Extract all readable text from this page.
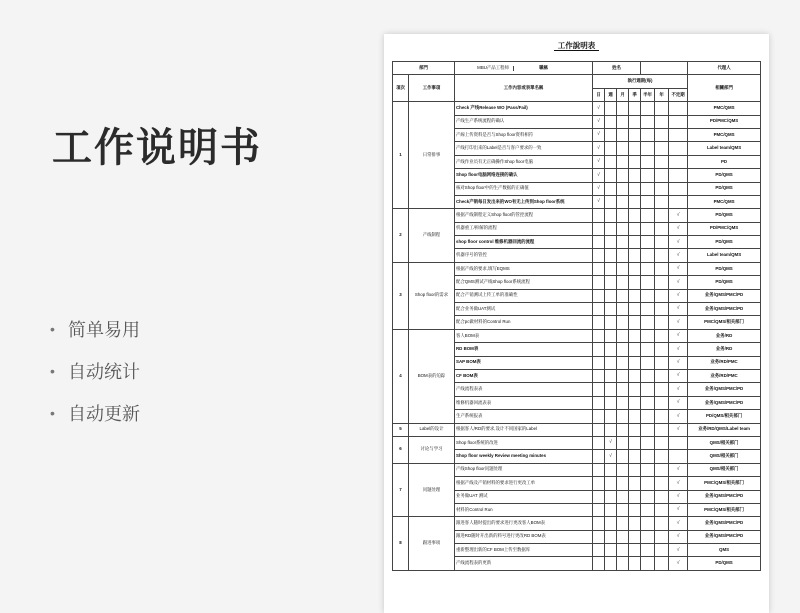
工作说明书
• 简单易用
• 自动统计
• 自动更新
工作說明表
部門		MBU产品工程师 職稱	姓名							代理人
項次	工作事項	工作內容或表單名稱	執行週期(每)							相關部門
			日	週	月	季	半年	年	不定期	
1	日常排事	Check 产线Release WO (Pass/Fail)	√							PMC/QMS
		产线生产系统流程的确认	√							PD/PMC/QMS
		产線上传资料是否与Shop floor资料相符	√							PMC/QMS
		产线打印出来的Label是否与客户要求的一致	√							Label team/QMS
		产线作业员有无正确操作Shop floor电脑	√							PD
		Shop floor电脑网络连接的确认	√							PD/QMS
		核对Shop floor中的生产数据的正确值	√							PD/QMS
		Check产销每日发出来的WO有无上传到Shop floor系统	√							PMC/QMS
2	产线制程	根据产线制程定义Shop floor的管控流程							√	PD/QMS
		机器重工/拆解的流程							√	PD/PMC/QMS
		shop floor control 维修机器回流的流程							√	PD/QMS
		机器序号的管控							√	Label team/QMS
3	Shop floor的需求	根据产线的要求,填写EQMS							√	PD/QMS
		配合QMS测试产线Shop floor系统流程							√	PD/QMS
		配合产销测试上传工单的准确性							√	业务/QMS/PMC/PD
		配合业务做UAT测试							√	业务/QMS/PMC/PD
		配合pc做材料的Control Run							√	PMC/QMS/相关部门
4	BOM表的迫踪	客人BOM表							√	业务/RD
		RD BOM表							√	业务/RD
		SAP BOM表							√	业务/RD/PMC
		CF BOM表							√	业务/RD/PMC
		产线流程表表							√	业务/QMS/PMC/PD
		维修机器回流表表							√	业务/QMS/PMC/PD
		生产系统报表							√	PD/QMS/相关部门
5	Label的设计	根据客人/RD的要求,设计不同国家的Label							√	业务/RD/QMS/Label team
6	讨论与学习	Shop floor系统的改进		√						QMS/相关部门
		Shop floor weekly Review meeting minutes		√						QMS/相关部门
7	问题处理	产线Shop floor问题处理							√	QMS/相关部门
		根据产线及产销材料的要求进行更改工单							√	PMC/QMS/相关部门
		业务做UAT 测试							√	业务/QMS/PMC/PD
		材料的Control Run							√	PMC/QMS/相关部门
8	跟进事项	跟进客人随时提出的要求进行更改客人BOM表							√	业务/QMS/PMC/PD
		跟进RD随时开出新的料号进行更改RD BOM表							√	业务/QMS/PMC/PD
		重新整理出新的CF BOM上传至数据库							√	QMS
		产线流程表的更新							√	PD/QMS
